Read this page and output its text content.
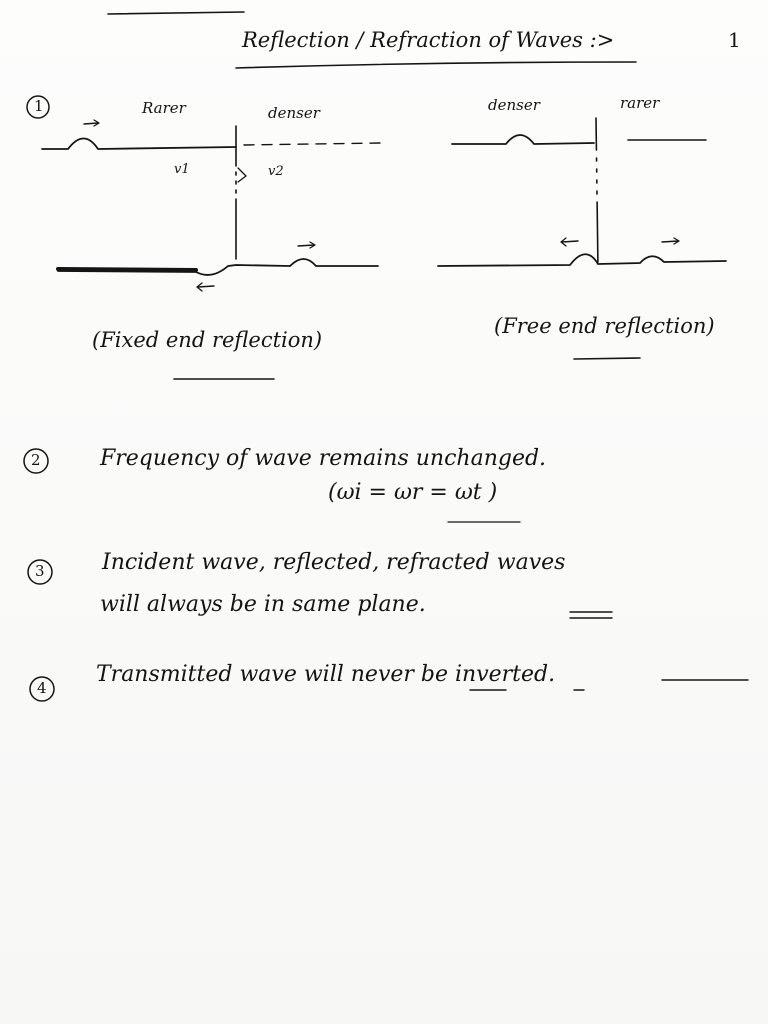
Reflection / Refraction of Waves :>	1
1	Rarer	denser
v1	v2
denser	rarer
(Fixed end reflection)
(Free end reflection)
2	Frequency of wave remains unchanged.
(ωi = ωr = ωt )
3	Incident wave, reflected, refracted waves
will always be in same plane.
4
Transmitted wave will never be inverted.
